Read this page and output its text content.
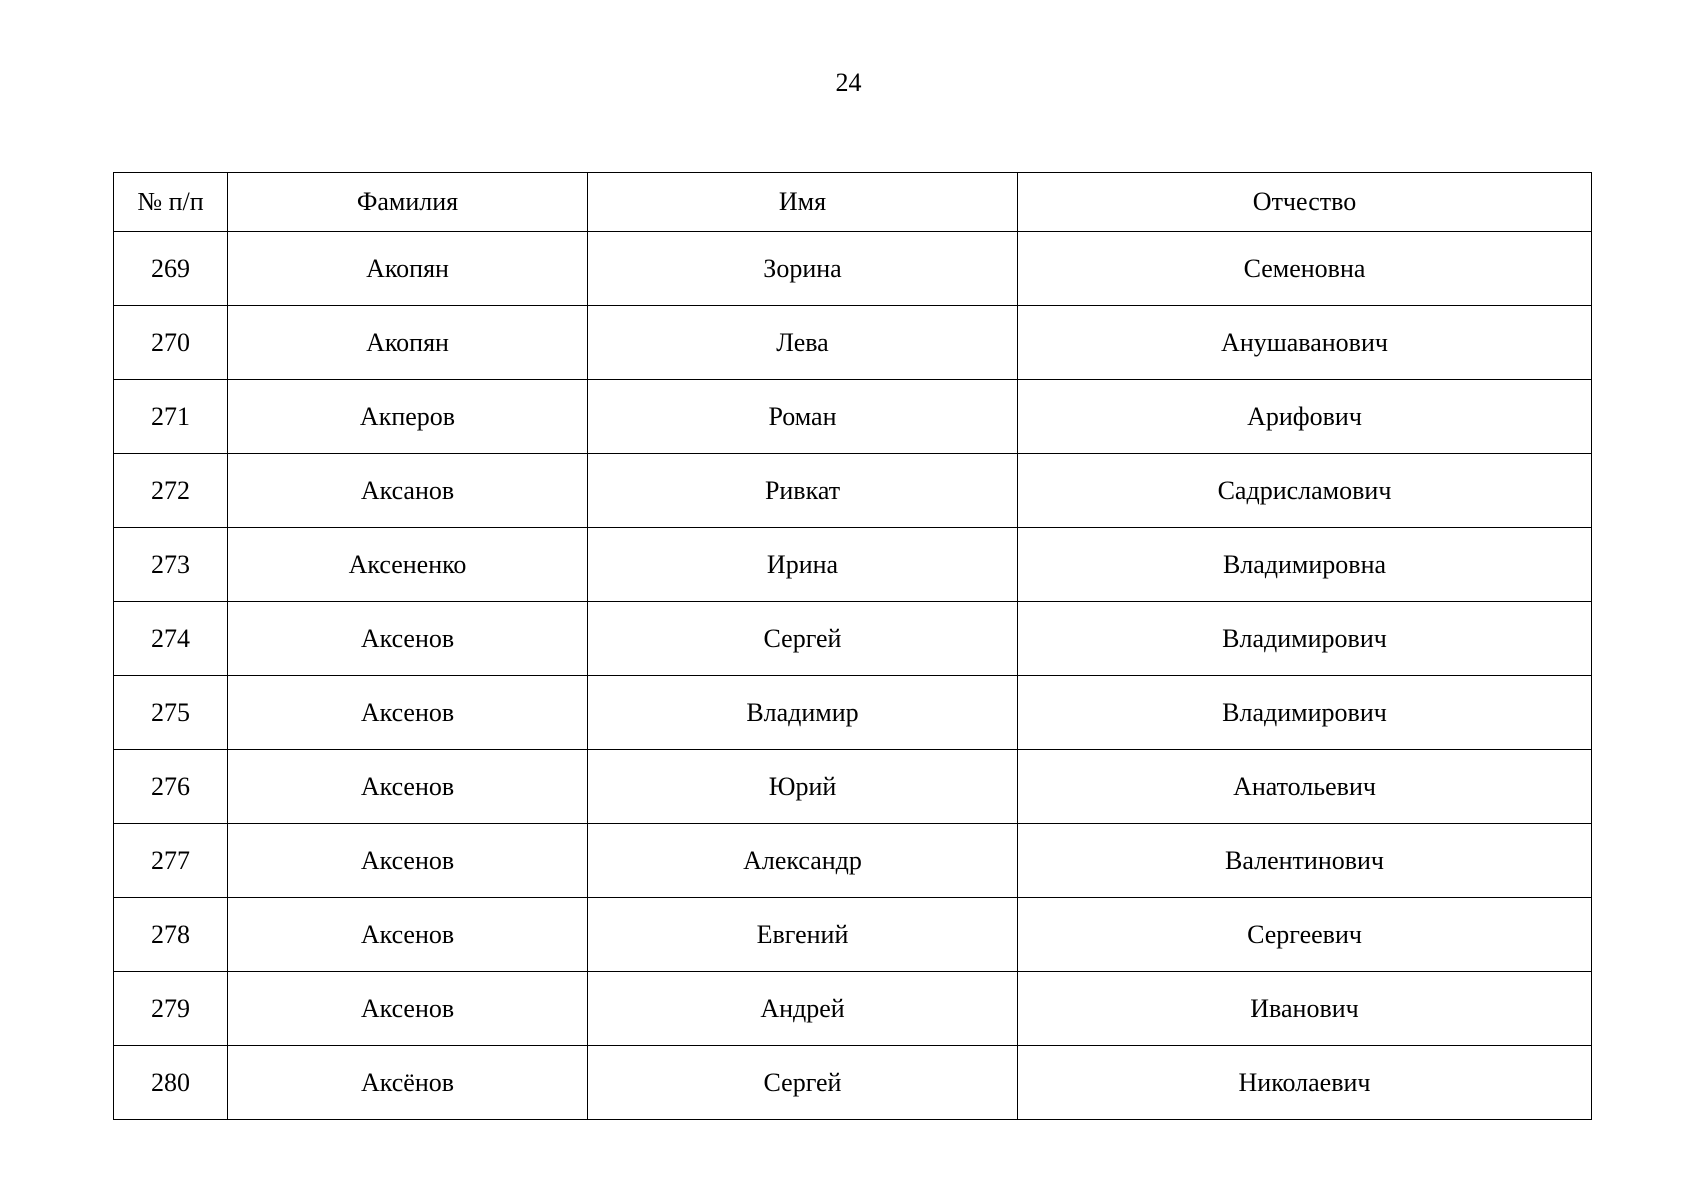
24
№ п/п	Фамилия	Имя	Отчество
269	Акопян	Зорина	Семеновна
270	Акопян	Лева	Анушаванович
271	Акперов	Роман	Арифович
272	Аксанов	Ривкат	Садрисламович
273	Аксененко	Ирина	Владимировна
274	Аксенов	Сергей	Владимирович
275	Аксенов	Владимир	Владимирович
276	Аксенов	Юрий	Анатольевич
277	Аксенов	Александр	Валентинович
278	Аксенов	Евгений	Сергеевич
279	Аксенов	Андрей	Иванович
280	Аксёнов	Сергей	Николаевич
